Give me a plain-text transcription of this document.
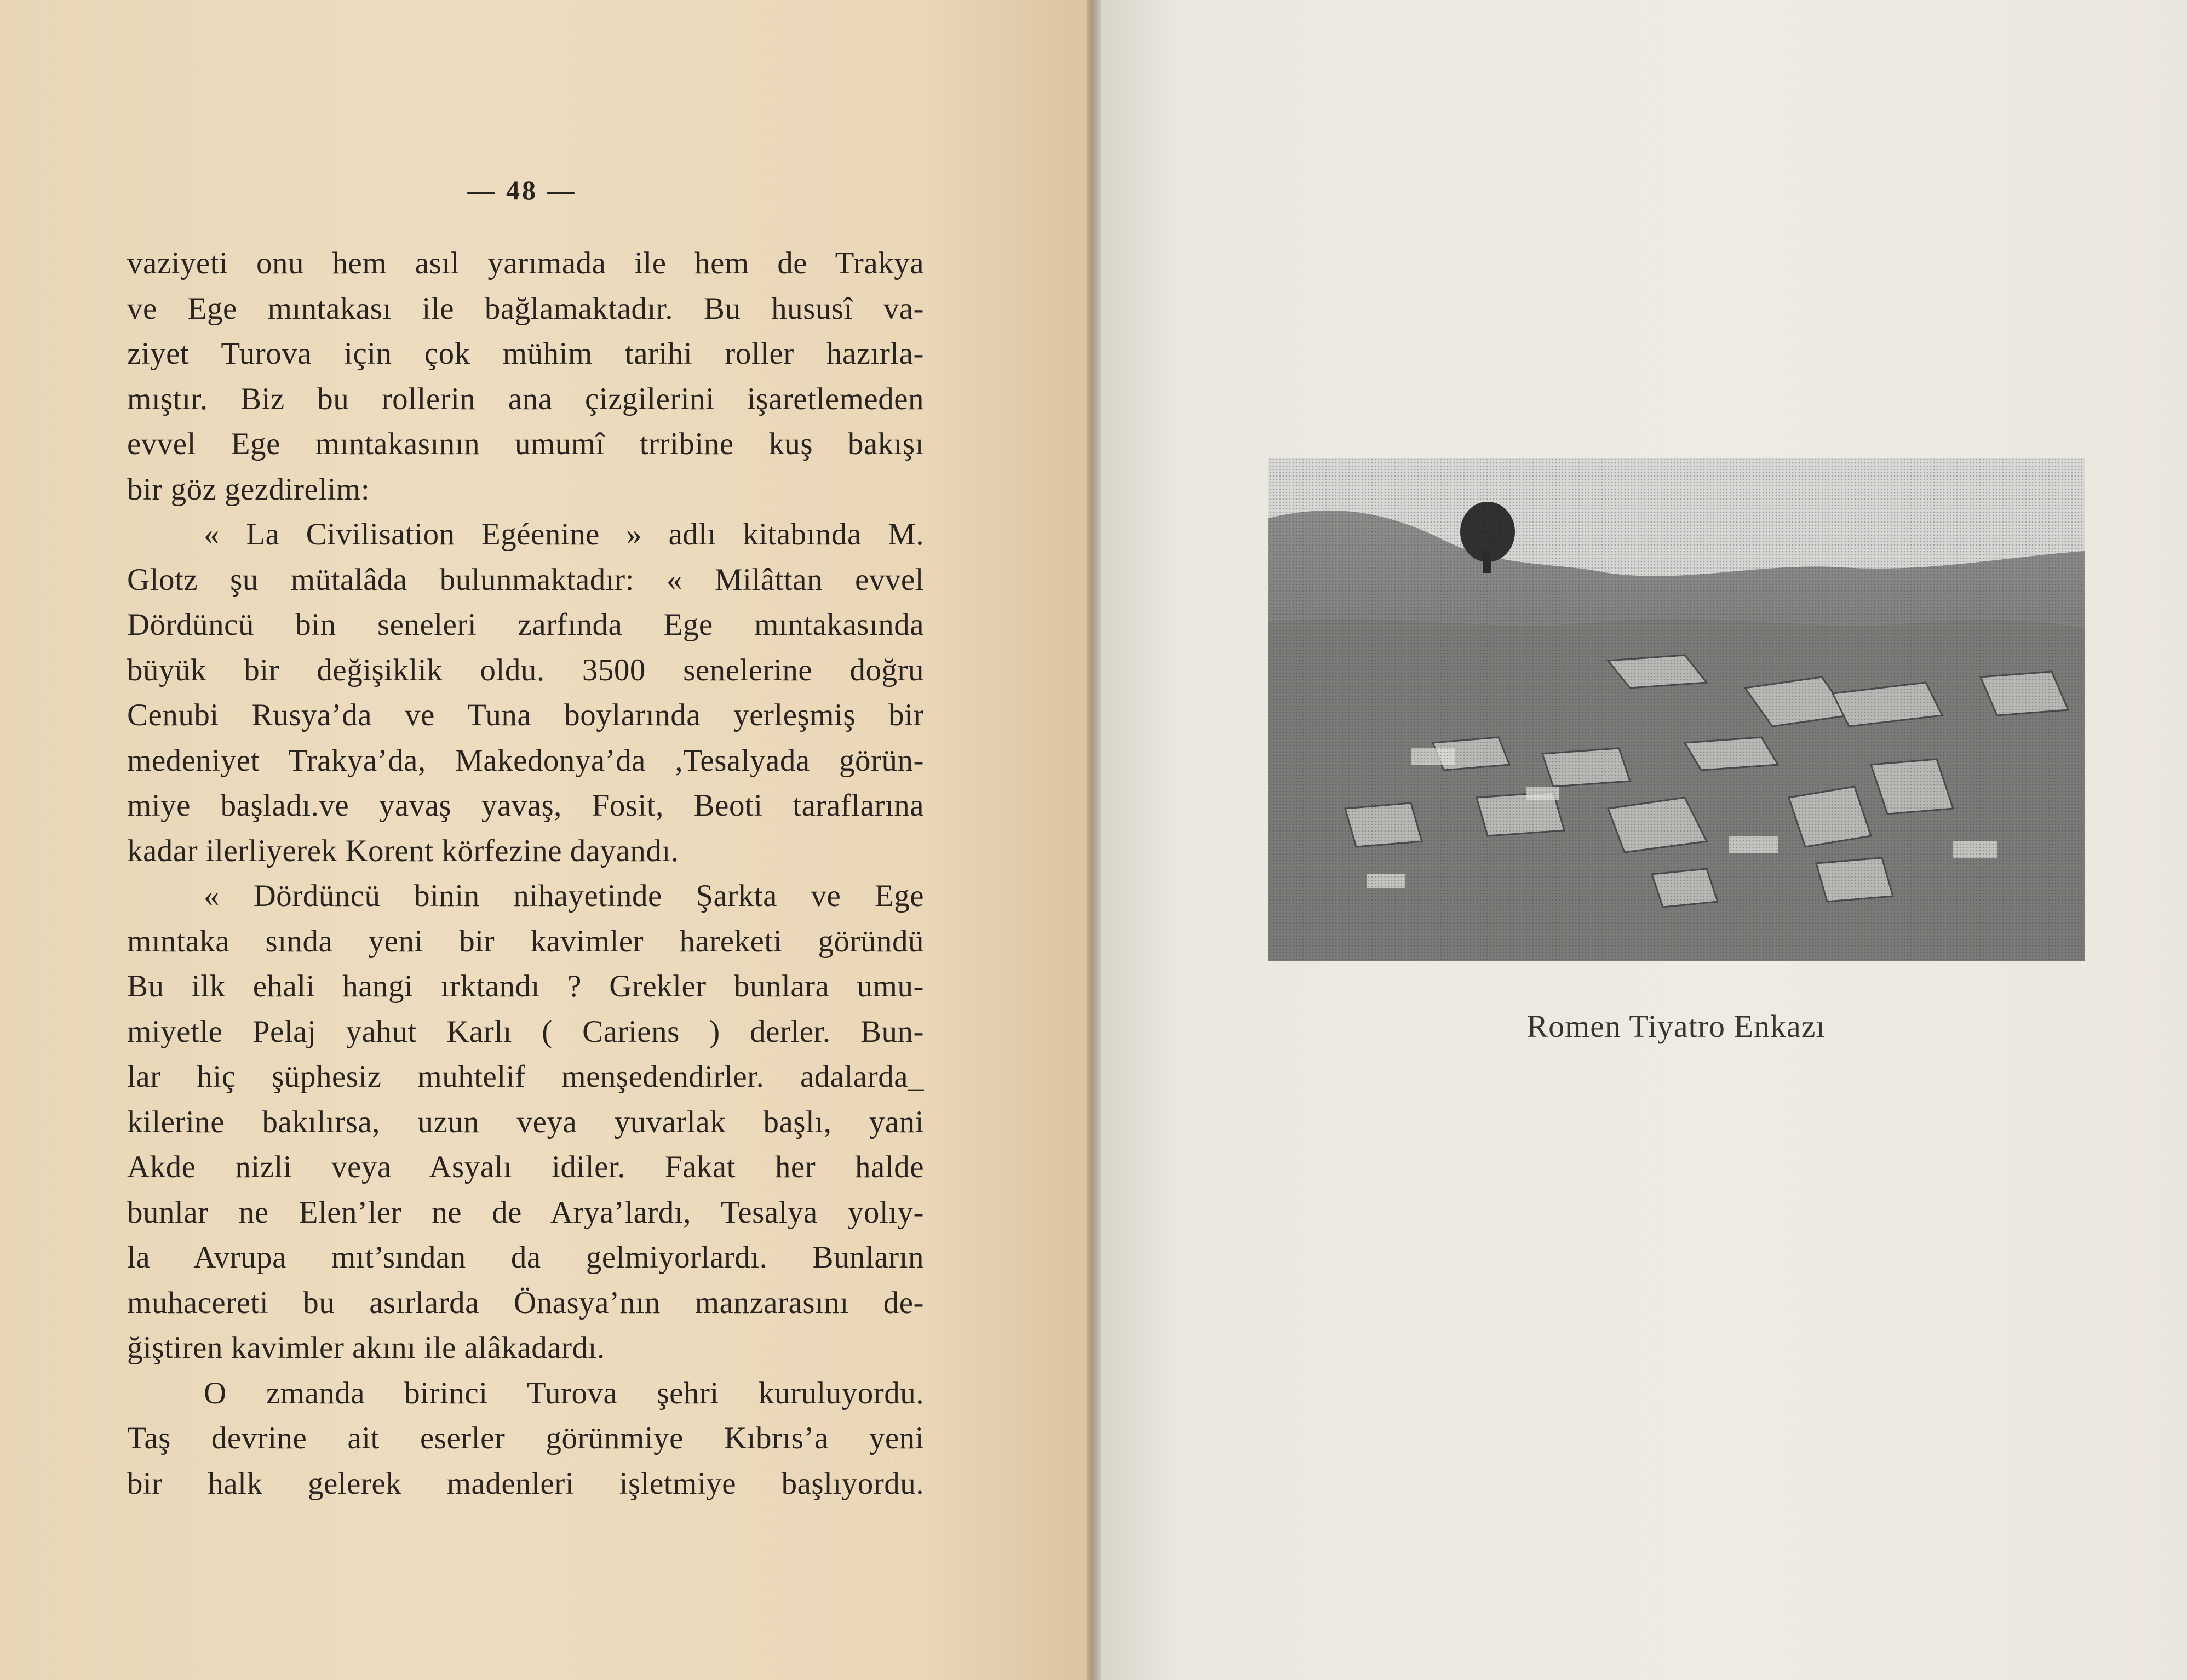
— 48 —
vaziyeti onu hem asıl yarımada ile hem de Trakya
ve Ege mıntakası ile bağlamaktadır. Bu hususî va-
ziyet Turova için çok mühim tarihi roller hazırla-
mıştır. Biz bu rollerin ana çizgilerini işaretlemeden
evvel Ege mıntakasının umumî trribine kuş bakışı
bir göz gezdirelim:
« La Civilisation Egéenine » adlı kitabında M.
Glotz şu mütalâda bulunmaktadır: « Milâttan evvel
Dördüncü bin seneleri zarfında Ege mıntakasında
büyük bir değişiklik oldu. 3500 senelerine doğru
Cenubi Rusya’da ve Tuna boylarında yerleşmiş bir
medeniyet Trakya’da, Makedonya’da ,Tesalyada görün-
miye başladı.ve yavaş yavaş, Fosit, Beoti taraflarına
kadar ilerliyerek Korent körfezine dayandı.
« Dördüncü binin nihayetinde Şarkta ve Ege
mıntaka sında yeni bir kavimler hareketi göründü
Bu ilk ehali hangi ırktandı ? Grekler bunlara umu-
miyetle Pelaj yahut Karlı ( Cariens ) derler. Bun-
lar hiç şüphesiz muhtelif menşedendirler. adalarda_
kilerine bakılırsa, uzun veya yuvarlak başlı, yani
Akde nizli veya Asyalı idiler. Fakat her halde
bunlar ne Elen’ler ne de Arya’lardı, Tesalya yolıy-
la Avrupa mıt’sından da gelmiyorlardı. Bunların
muhacereti bu asırlarda Önasya’nın manzarasını de-
ğiştiren kavimler akını ile alâkadardı.
O zmanda birinci Turova şehri kuruluyordu.
Taş devrine ait eserler görünmiye Kıbrıs’a yeni
bir halk gelerek madenleri işletmiye başlıyordu.
Romen Tiyatro Enkazı
